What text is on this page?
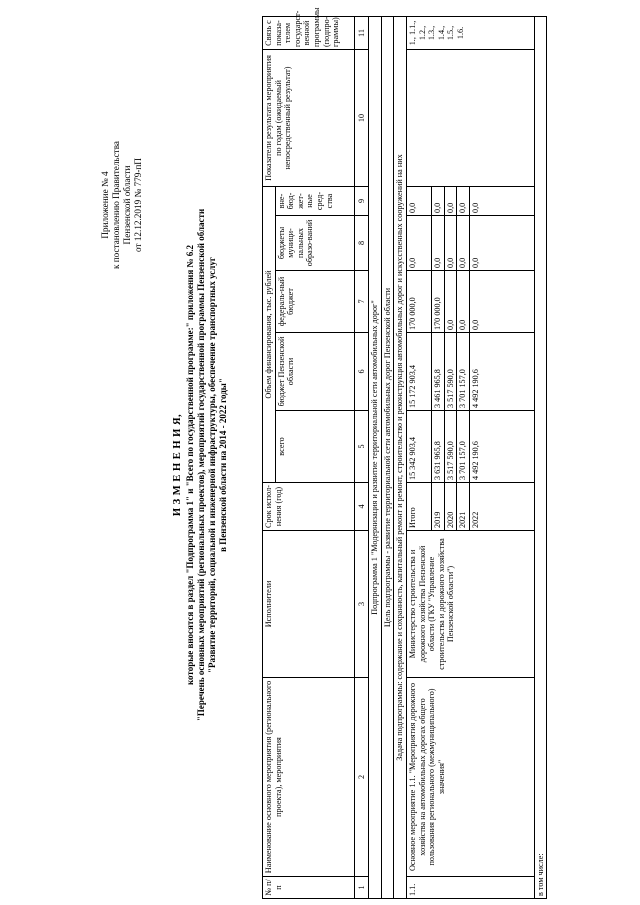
Приложение № 4 к постановлению Правительства Пензенской области от 12.12.2019 № 779-пП
И З М Е Н Е Н И Я, которые вносятся в раздел "Подпрограмма 1" и "Всего по государственной программе:" приложения № 6.2 "Перечень основных мероприятий (региональных проектов), мероприятий государственной программы Пензенской области "Развитие территорий, социальной и инженерной инфраструктуры, обеспечение транспортных услуг в Пензенской области на 2014 - 2022 годы"
№ п/п	Наименование основного мероприятия (регионального проекта), мероприятия	Исполнители	Срок испол-нения (год)	Объем финансирования, тыс. рублей					Показатели результата мероприятия по годам (ожидаемый непосредственный результат)	Связь с показа-телем государст-венной программы (подпро-граммы)
				всего	бюджет Пензенской области	федераль-ный бюджет	бюджеты муници-пальных образо-ваний	вне-бюд-жет-ные сред-ства		
1	2	3	4	5	6	7	8	9	10	11
Подпрограмма 1 "Модернизация и развитие территориальной сети автомобильных дорог"										
Цель подпрограммы - развитие территориальной сети автомобильных дорог Пензенской области										
Задача подпрограммы: содержание и сохранность, капитальный ремонт и ремонт, строительство и реконструкция автомобильных дорог и искусственных сооружений на них										
1.1.	Основное мероприятие 1.1. "Мероприятия дорожного хозяйства на автомобильных дорогах общего пользования регионального (межмуниципального) значения"	Министерство строительства и дорожного хозяйства Пензенской области (ГКУ "Управление строительства и дорожного хозяйства Пензенской области")	Итого	15 342 903,4	15 172 903,4	170 000,0	0,0	0,0		1., 1.1., 1.2., 1.3., 1.4., 1.5., 1.6.
			2019	3 631 965,8	3 461 965,8	170 000,0	0,0	0,0		
			2020	3 517 590,0	3 517 590,0	0,0	0,0	0,0		
			2021	3 701 157,0	3 701 157,0	0,0	0,0	0,0		
			2022	4 492 190,6	4 492 190,6	0,0	0,0	0,0		
в том числе:										
